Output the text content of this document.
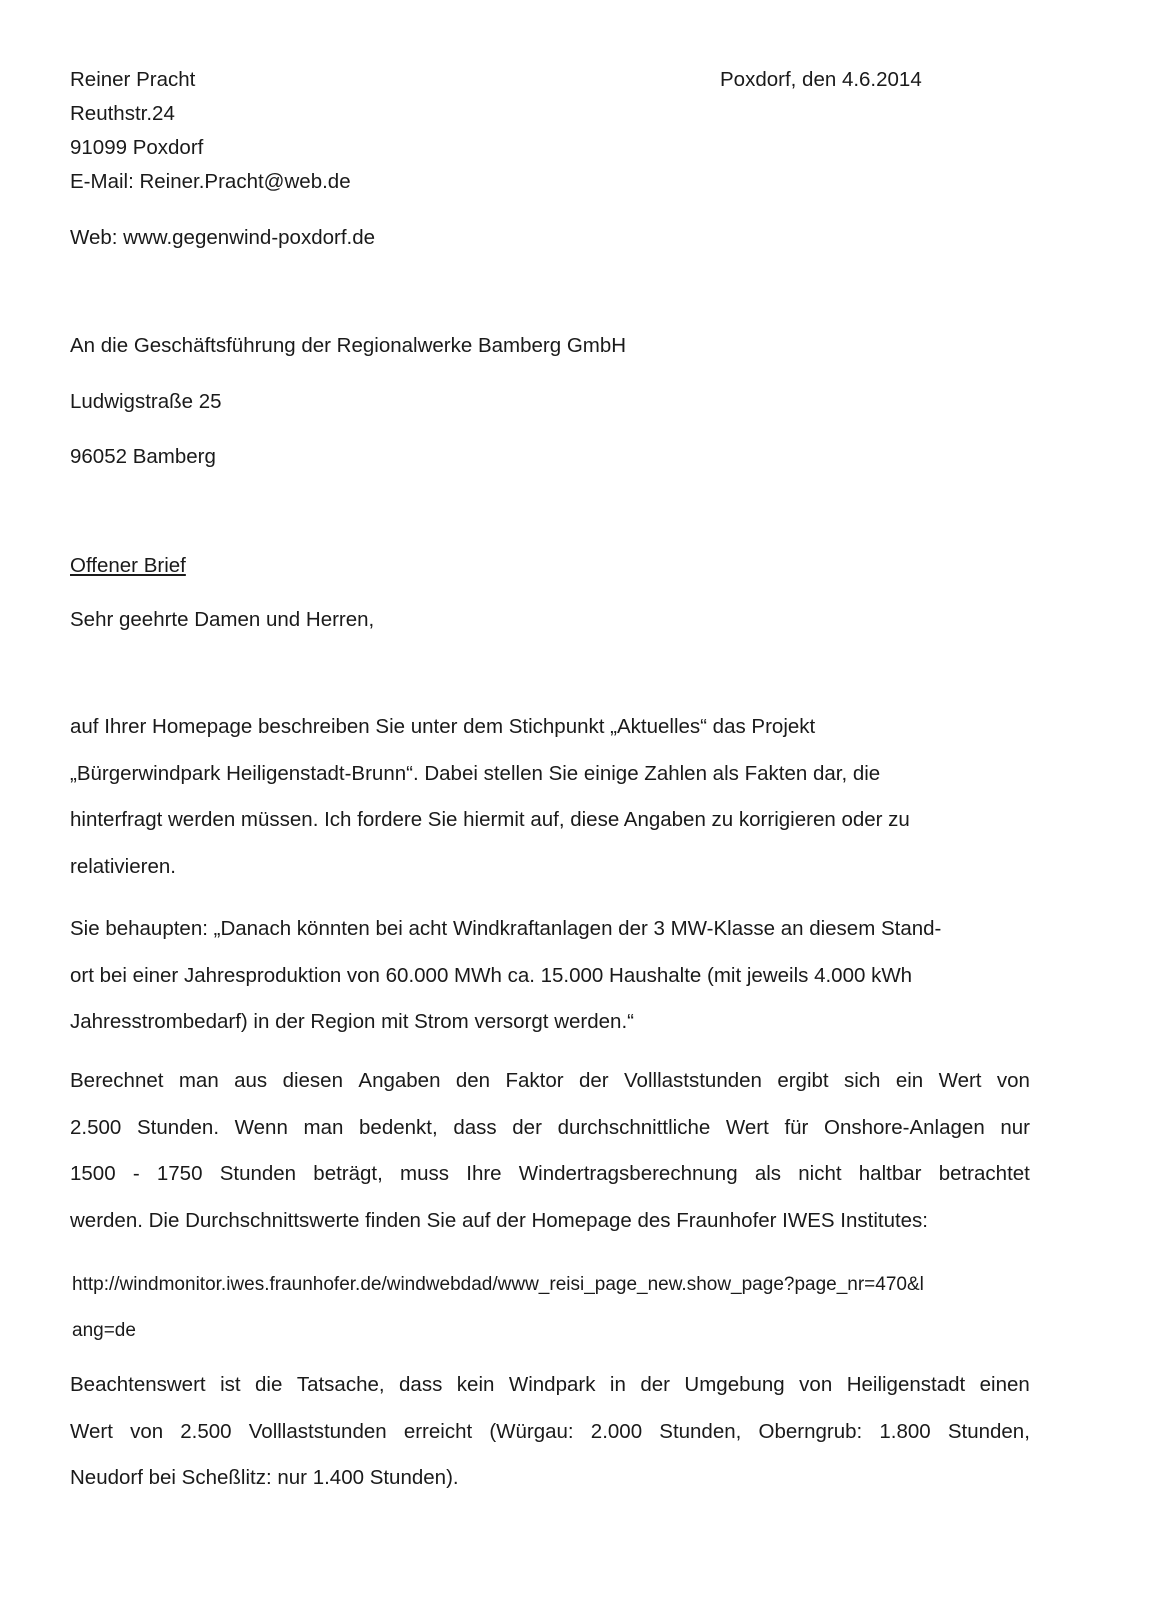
Reiner Pracht
Reuthstr.24
91099 Poxdorf
E-Mail: Reiner.Pracht@web.de
Web: www.gegenwind-poxdorf.de
Poxdorf, den 4.6.2014
An die Geschäftsführung der Regionalwerke Bamberg GmbH
Ludwigstraße 25
96052 Bamberg
Offener Brief
Sehr geehrte Damen und Herren,
auf Ihrer Homepage beschreiben Sie unter dem Stichpunkt „Aktuelles“ das Projekt
„Bürgerwindpark Heiligenstadt-Brunn“. Dabei stellen Sie einige Zahlen als Fakten dar, die
hinterfragt werden müssen. Ich fordere Sie hiermit auf, diese Angaben zu korrigieren oder zu
relativieren.
Sie behaupten: „Danach könnten bei acht Windkraftanlagen der 3 MW-Klasse an diesem Stand-
ort bei einer Jahresproduktion von 60.000 MWh ca. 15.000 Haushalte (mit jeweils 4.000 kWh
Jahresstrombedarf) in der Region mit Strom versorgt werden.“
Berechnet man aus diesen Angaben den Faktor der Volllaststunden ergibt sich ein Wert von
2.500 Stunden. Wenn man bedenkt, dass der durchschnittliche Wert für Onshore-Anlagen nur
1500 - 1750 Stunden beträgt, muss Ihre Windertragsberechnung als nicht haltbar betrachtet
werden. Die Durchschnittswerte finden Sie auf der Homepage des Fraunhofer IWES Institutes:
http://windmonitor.iwes.fraunhofer.de/windwebdad/www_reisi_page_new.show_page?page_nr=470&l
ang=de
Beachtenswert ist die Tatsache, dass kein Windpark in der Umgebung von Heiligenstadt einen
Wert von 2.500 Volllaststunden erreicht (Würgau: 2.000 Stunden, Oberngrub: 1.800 Stunden,
Neudorf bei Scheßlitz: nur 1.400 Stunden).
